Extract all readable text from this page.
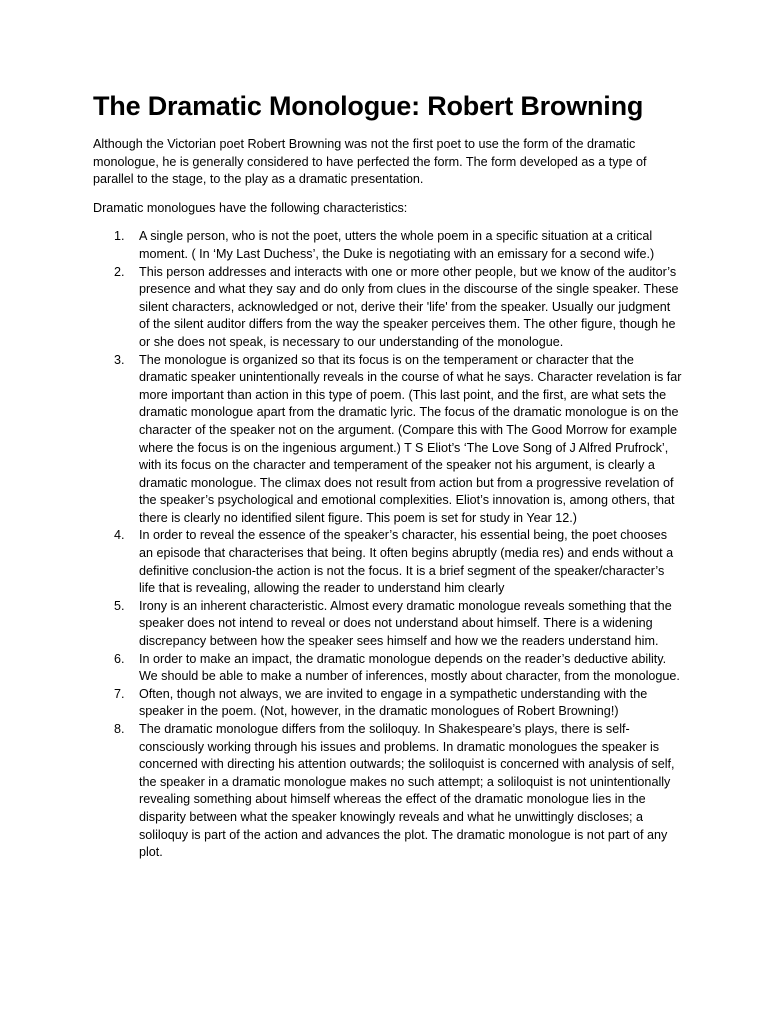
The Dramatic Monologue: Robert Browning

Although the Victorian poet Robert Browning was not the first poet to use the form of the dramatic monologue, he is generally considered to have perfected the form. The form developed as a type of parallel to the stage, to the play as a dramatic presentation.

Dramatic monologues have the following characteristics:

1.	A single person, who is not the poet, utters the whole poem in a specific situation at a critical moment. ( In ‘My Last Duchess’, the Duke is negotiating with an emissary for a second wife.)
2.	This person addresses and interacts with one or more other people, but we know of the auditor’s presence and what they say and do only from clues in the discourse of the single speaker. These silent characters, acknowledged or not, derive their 'life' from the speaker. Usually our judgment of the silent auditor differs from the way the speaker perceives them. The other figure, though he or she does not speak, is necessary to our understanding of the monologue.
3.	The monologue is organized so that its focus is on the temperament or character that the dramatic speaker unintentionally reveals in the course of what he says. Character revelation is far more important than action in this type of poem. (This last point, and the first, are what sets the dramatic monologue apart from the dramatic lyric. The focus of the dramatic monologue is on the character of the speaker not on the argument. (Compare this with The Good Morrow for example where the focus is on the ingenious argument.) T S Eliot’s ‘The Love Song of J Alfred Prufrock’, with its focus on the character and temperament of the speaker not his argument, is clearly a dramatic monologue. The climax does not result from action but from a progressive revelation of the speaker’s psychological and emotional complexities. Eliot’s innovation is, among others, that there is clearly no identified silent figure. This poem is set for study in Year 12.)
4.	In order to reveal the essence of the speaker’s character, his essential being, the poet chooses an episode that characterises that being. It often begins abruptly (media res) and ends without a definitive conclusion-the action is not the focus. It is a brief segment of the speaker/character’s life that is revealing, allowing the reader to understand him clearly
5.	Irony is an inherent characteristic. Almost every dramatic monologue reveals something that the speaker does not intend to reveal or does not understand about himself. There is a widening discrepancy between how the speaker sees himself and how we the readers understand him.
6.	In order to make an impact, the dramatic monologue depends on the reader’s deductive ability. We should be able to make a number of inferences, mostly about character, from the monologue.
7.	Often, though not always, we are invited to engage in a sympathetic understanding with the speaker in the poem. (Not, however, in the dramatic monologues of Robert Browning!)
8.	The dramatic monologue differs from the soliloquy. In Shakespeare’s plays, there is self-consciously working through his issues and problems. In dramatic monologues the speaker is concerned with directing his attention outwards; the soliloquist is concerned with analysis of self, the speaker in a dramatic monologue makes no such attempt; a soliloquist is not unintentionally revealing something about himself whereas the effect of the dramatic monologue lies in the disparity between what the speaker knowingly reveals and what he unwittingly discloses; a soliloquy is part of the action and advances the plot. The dramatic monologue is not part of any plot.
